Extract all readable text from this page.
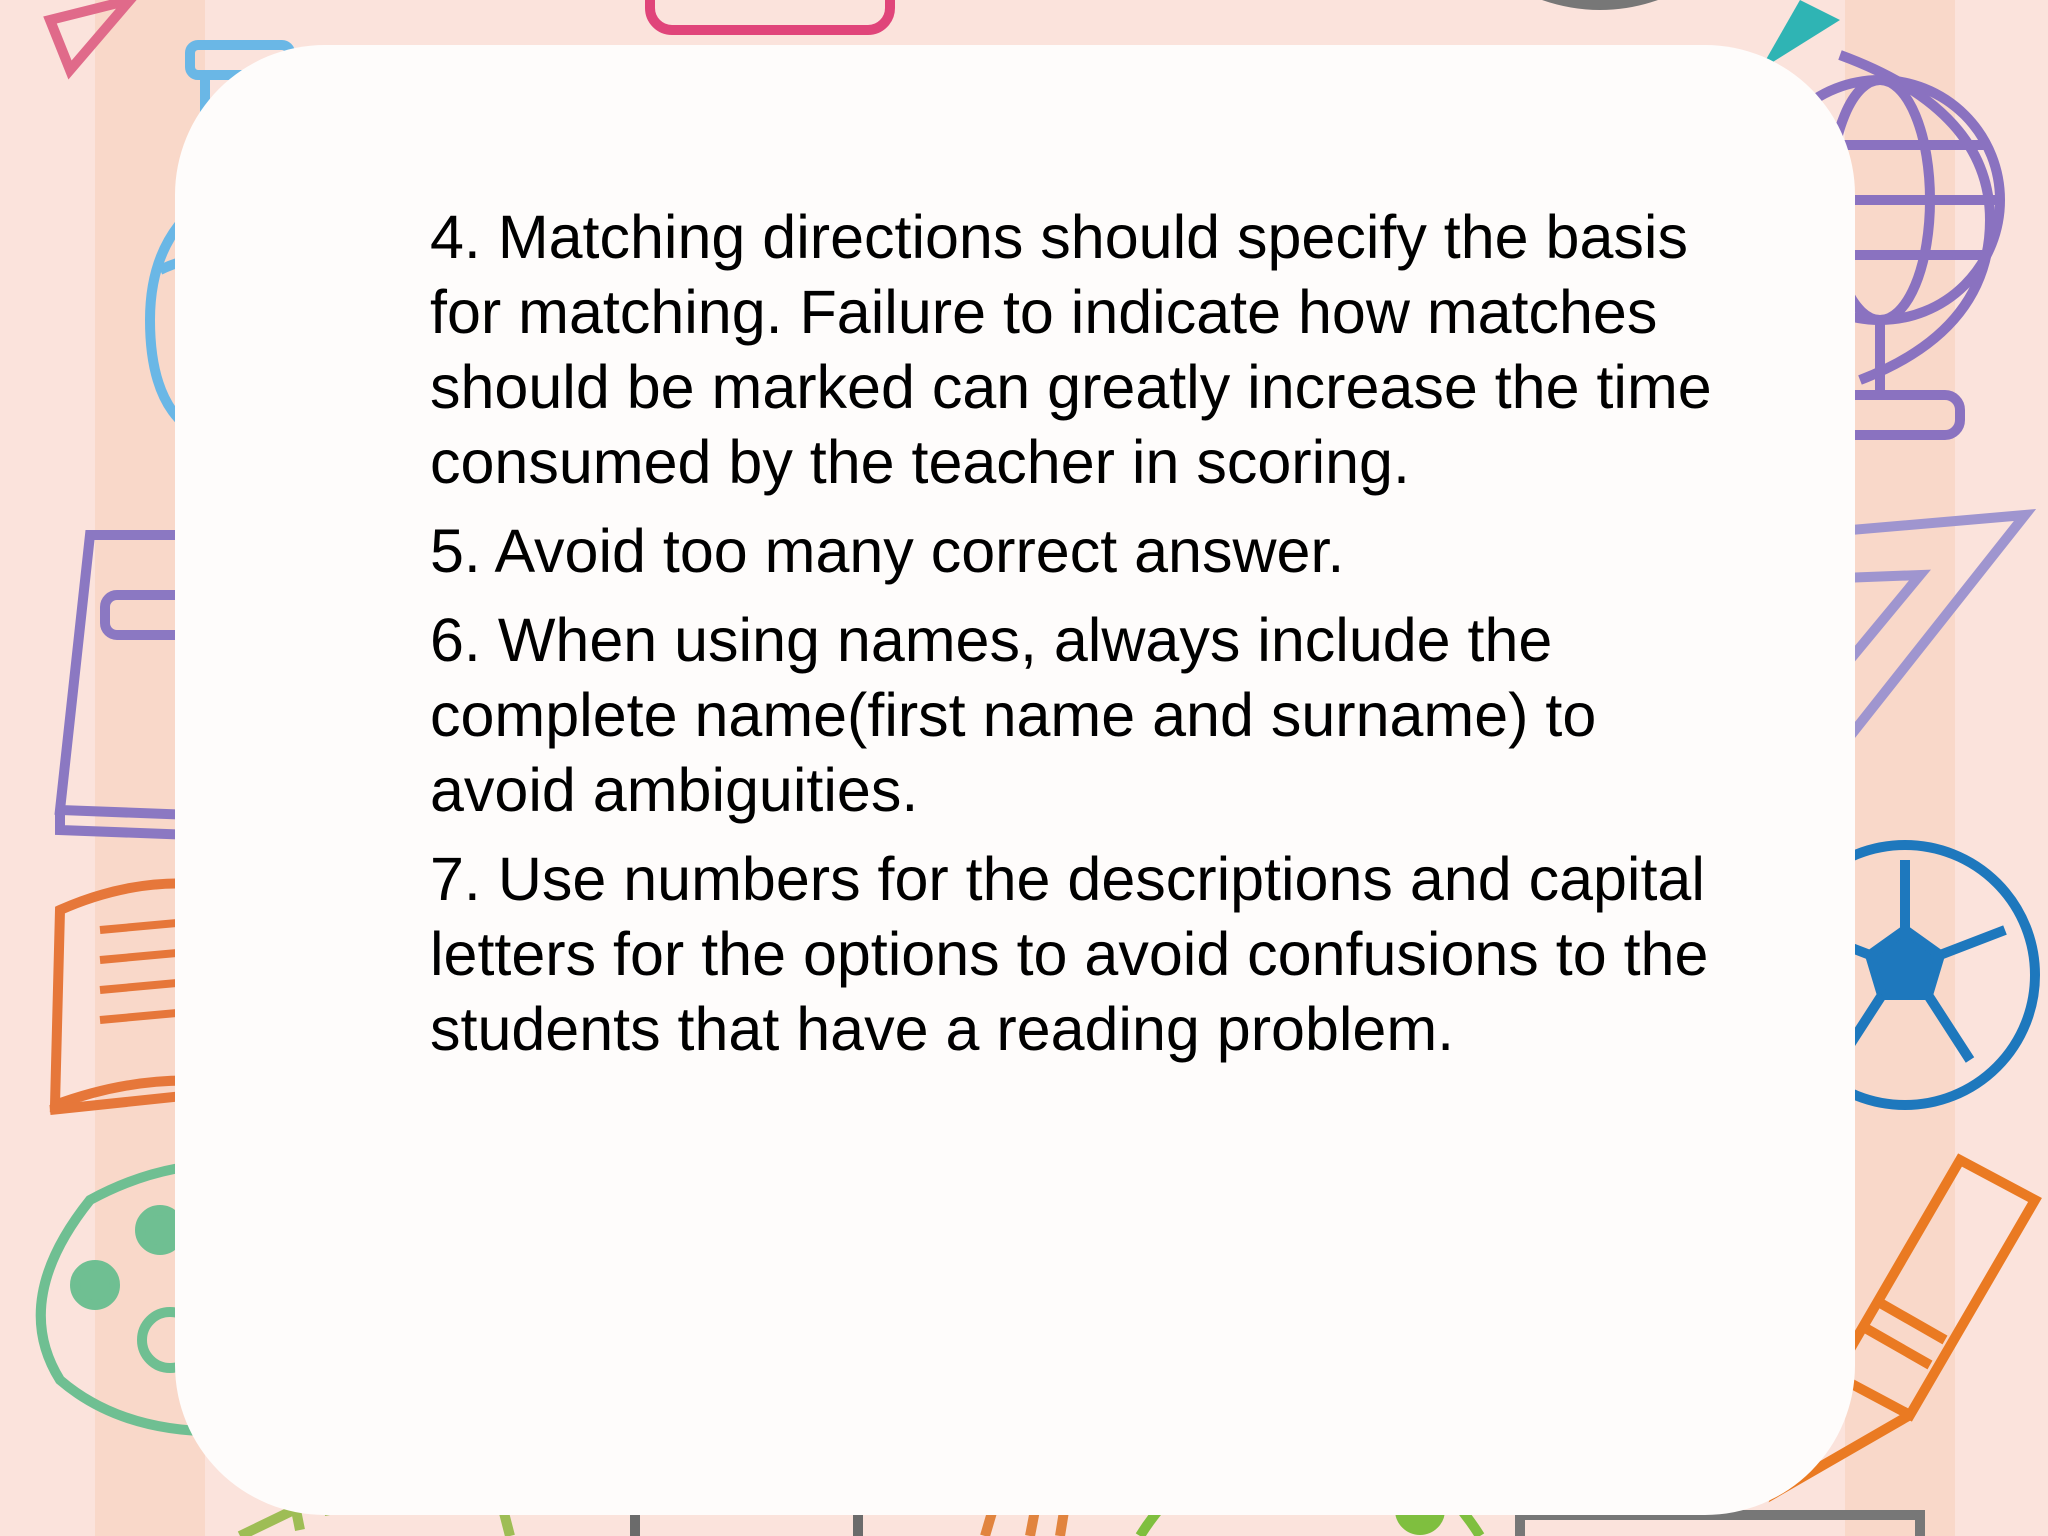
4. Matching directions should specify the basis for matching. Failure to indicate how matches should be marked can greatly increase the time consumed by the teacher in scoring.

5. Avoid too many correct answer.

6. When using names, always include the complete name(first name and surname) to avoid ambiguities.

7. Use numbers for the descriptions and capital letters for the options to avoid confusions to the students that have a reading problem.
